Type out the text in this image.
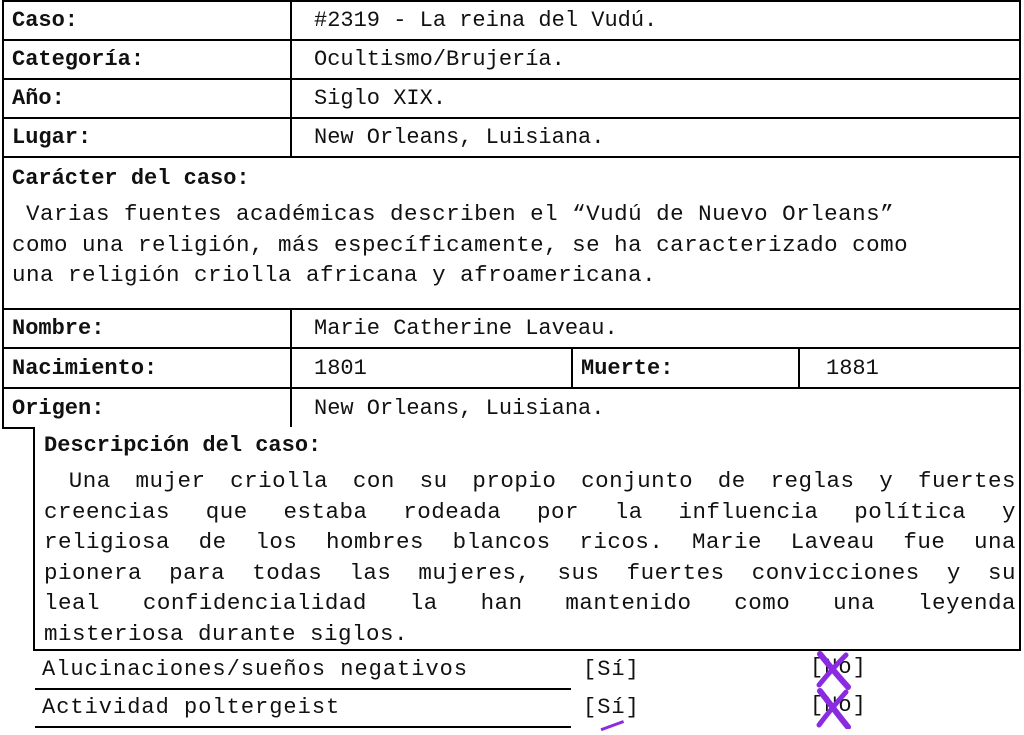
Caso:	#2319 - La reina del Vudú.
Categoría:	Ocultismo/Brujería.
Año:	Siglo XIX.
Lugar:	New Orleans, Luisiana.
Carácter del caso:
Varias fuentes académicas describen el “Vudú de Nuevo Orleans”
como una religión, más específicamente, se ha caracterizado como
una religión criolla africana y afroamericana.
Nombre:	Marie Catherine Laveau.
Nacimiento:	1801	Muerte:	1881
Origen:	New Orleans, Luisiana.
Descripción del caso:
Una mujer criolla con su propio conjunto de reglas y fuertes
creencias que estaba rodeada por la influencia política y
religiosa de los hombres blancos ricos. Marie Laveau fue una
pionera para todas las mujeres, sus fuertes convicciones y su
leal confidencialidad la han mantenido como una leyenda
misteriosa durante siglos.
Alucinaciones/sueños negativos	[Sí]	[No]
Actividad poltergeist	[Sí]	[No]
